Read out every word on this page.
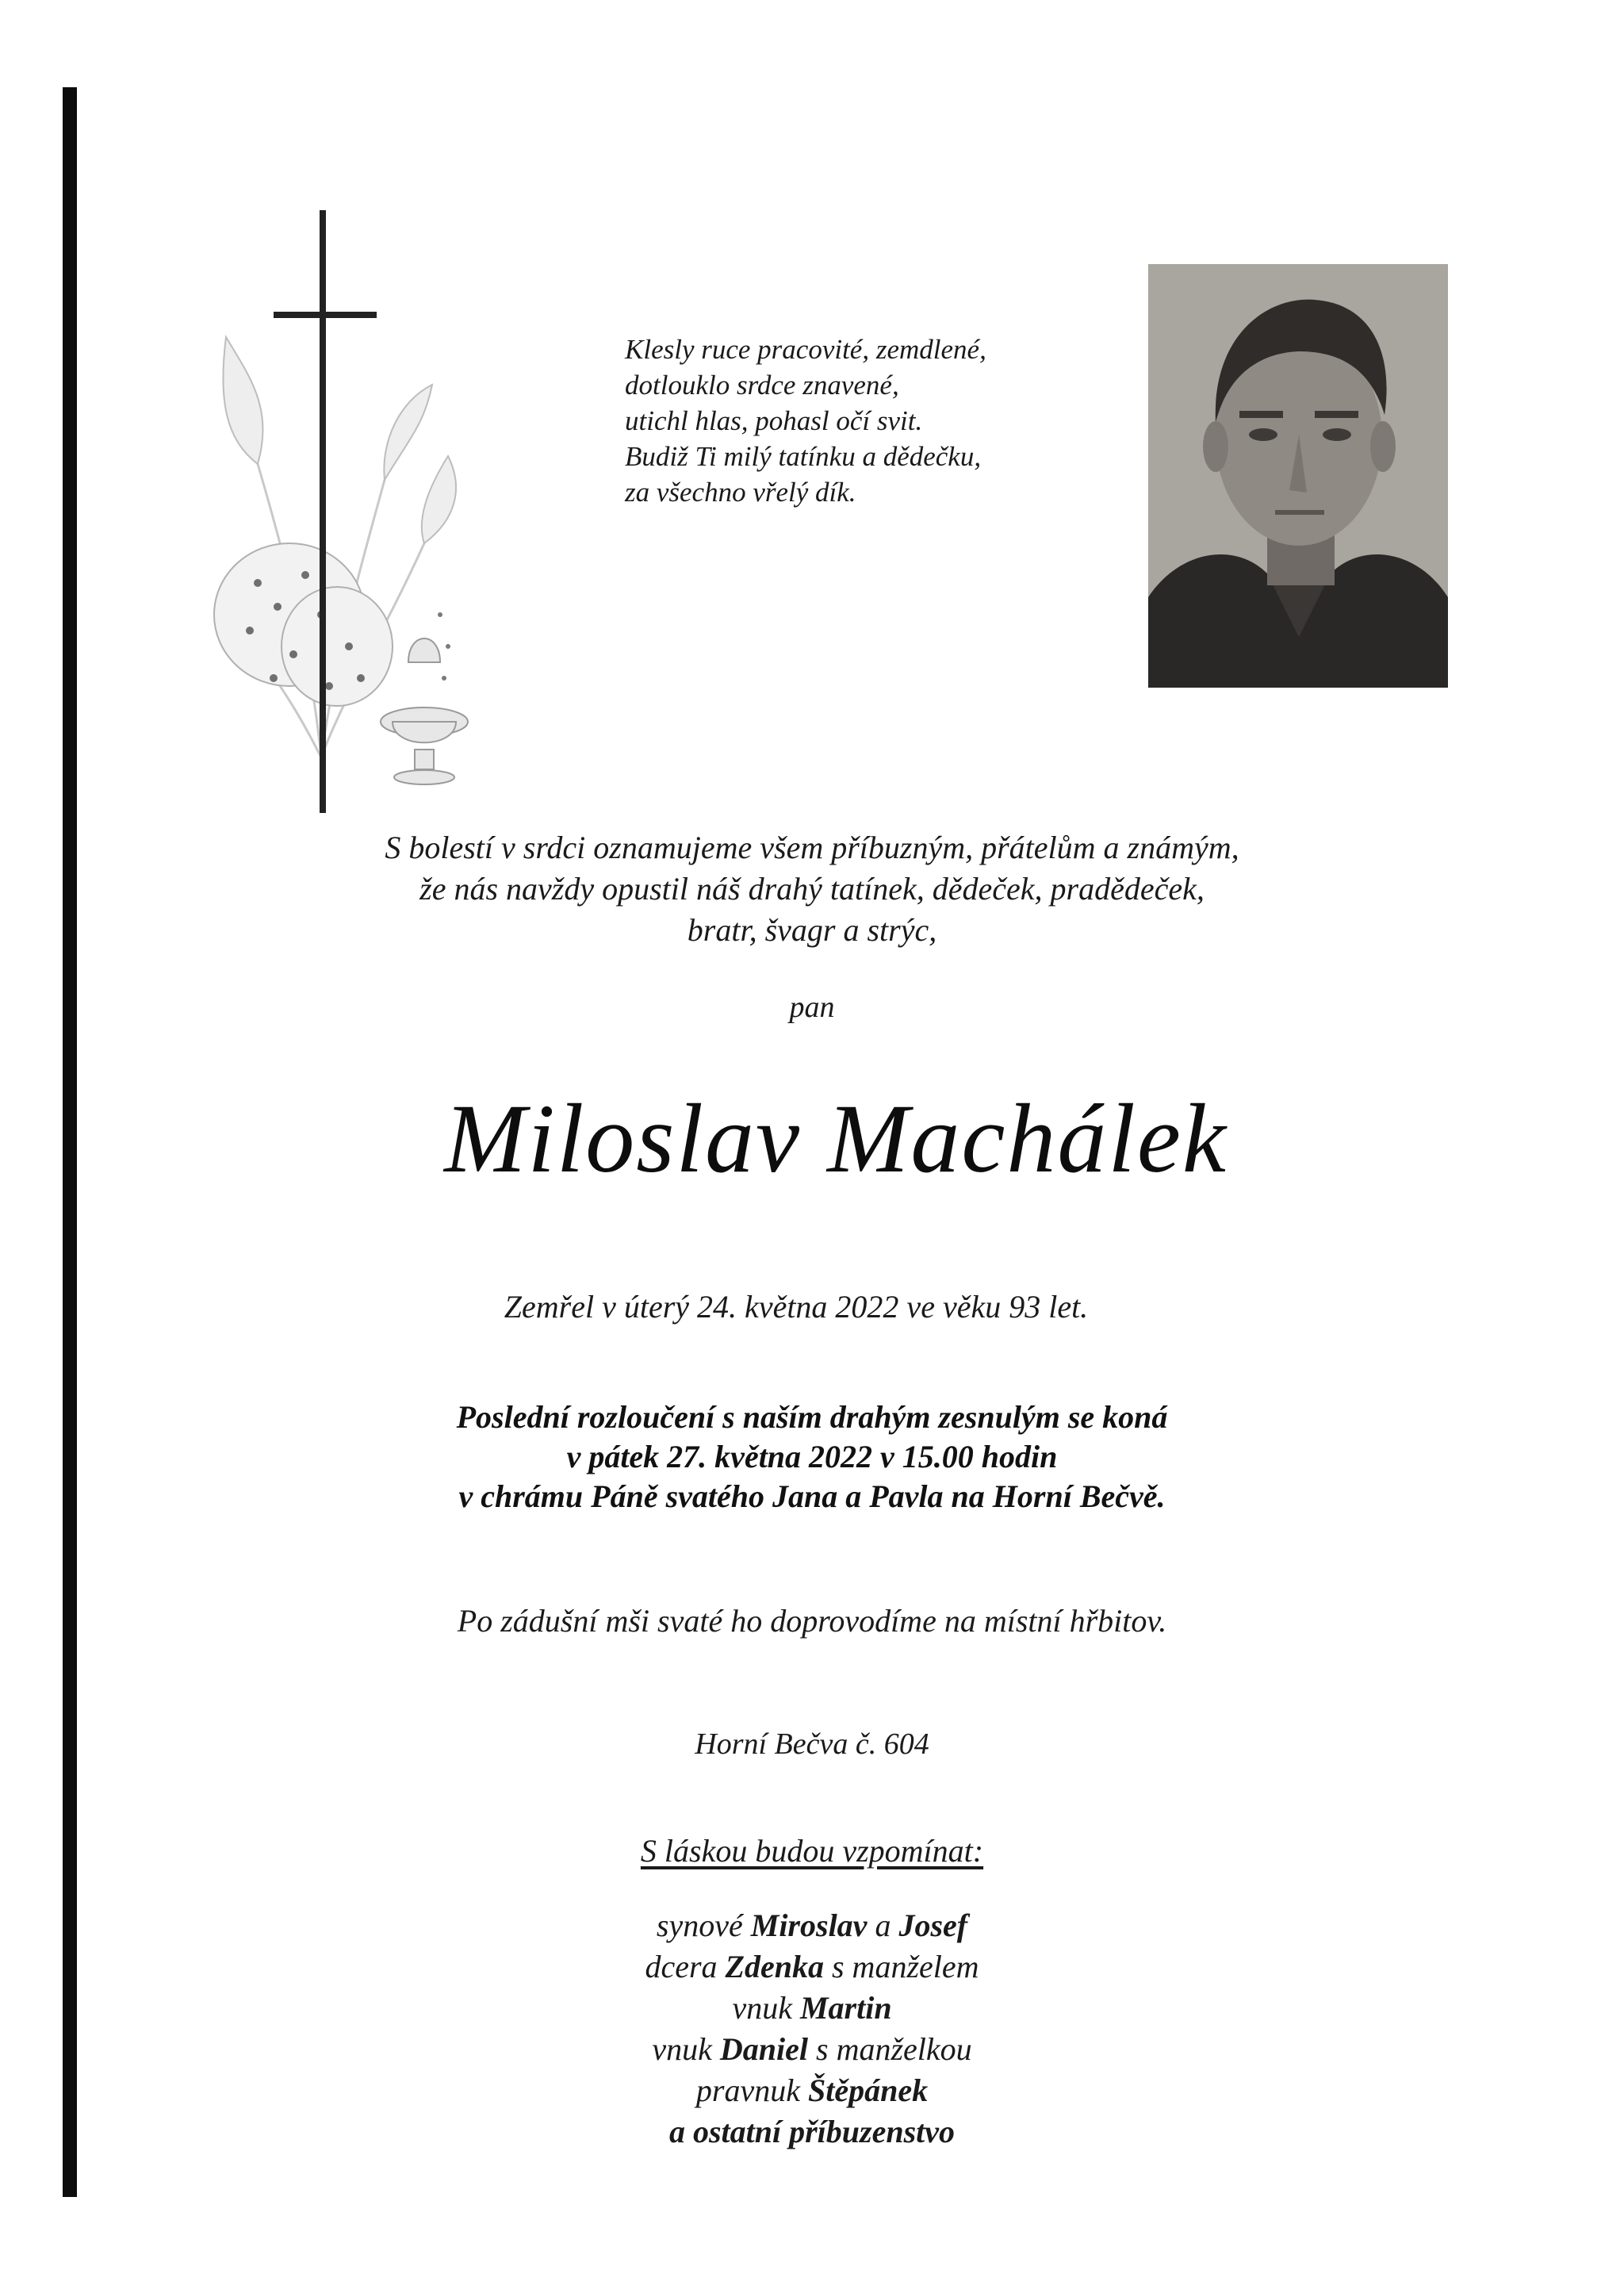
Klesly ruce pracovité, zemdlené,
dotlouklo srdce znavené,
utichl hlas, pohasl očí svit.
Budiž Ti milý tatínku a dědečku,
za všechno vřelý dík.
S bolestí v srdci oznamujeme všem příbuzným, přátelům a známým,
že nás navždy opustil náš drahý tatínek, dědeček, pradědeček,
bratr, švagr a strýc,
pan
Miloslav Machálek
Zemřel v úterý 24. května 2022 ve věku 93 let.
Poslední rozloučení s naším drahým zesnulým se koná
v pátek 27. května 2022 v 15.00 hodin
v chrámu Páně svatého Jana a Pavla na Horní Bečvě.
Po zádušní mši svaté ho doprovodíme na místní hřbitov.
Horní Bečva č. 604
S láskou budou vzpomínat:
synové Miroslav a Josef
dcera Zdenka s manželem
vnuk Martin
vnuk Daniel s manželkou
pravnuk Štěpánek
a ostatní příbuzenstvo
